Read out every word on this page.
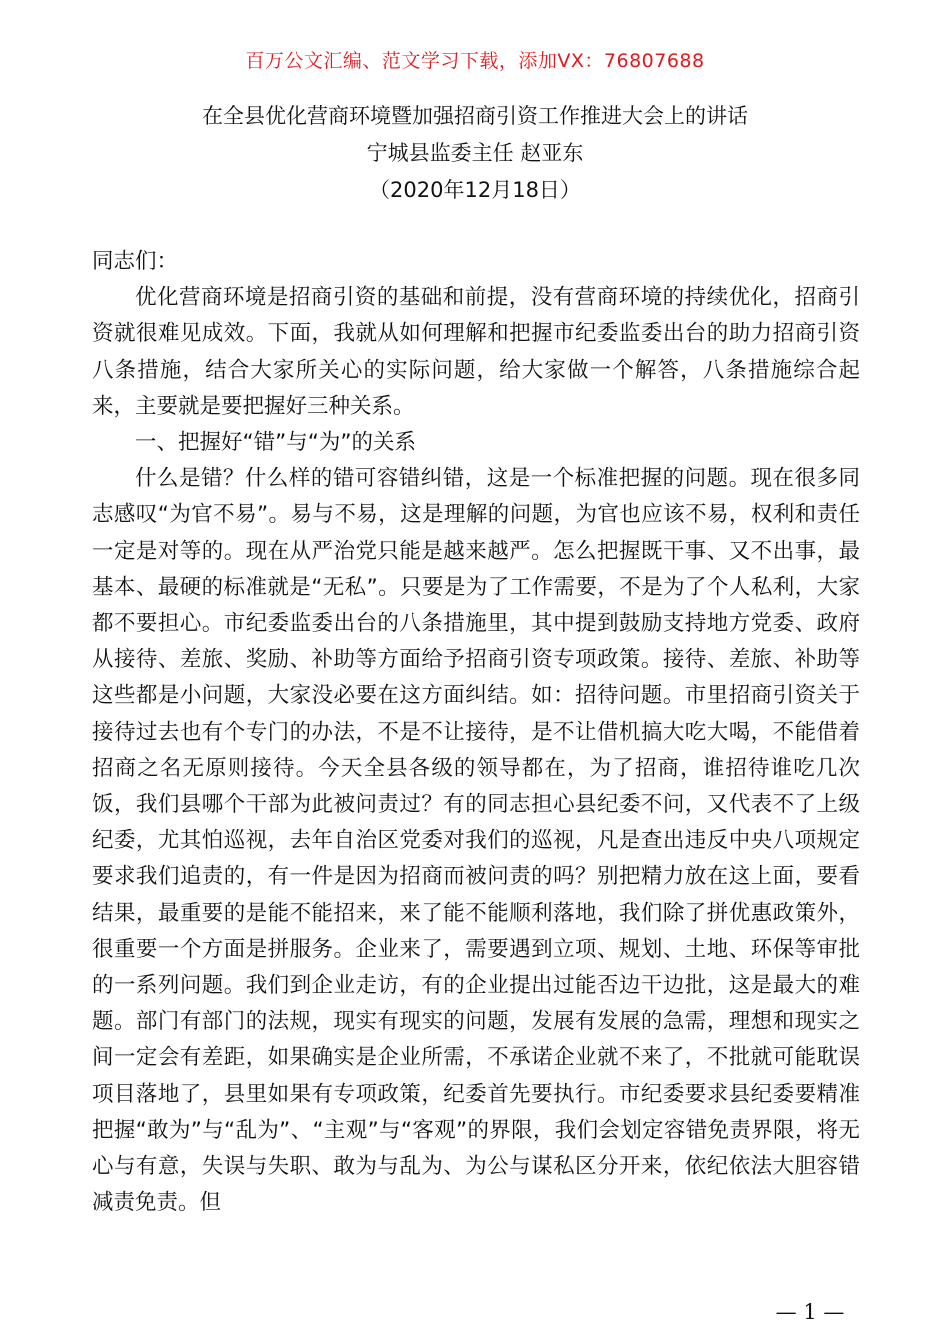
百万公文汇编、范文学习下载，添加VX：76807688
在全县优化营商环境暨加强招商引资工作推进大会上的讲话
宁城县监委主任 赵亚东
（2020年12月18日）

同志们：

优化营商环境是招商引资的基础和前提，没有营商环境的持续优化，招商引资就很难见成效。下面，我就从如何理解和把握市纪委监委出台的助力招商引资八条措施，结合大家所关心的实际问题，给大家做一个解答，八条措施综合起来，主要就是要把握好三种关系。

一、把握好“错”与“为”的关系

什么是错？什么样的错可容错纠错，这是一个标准把握的问题。现在很多同志感叹“为官不易”。易与不易，这是理解的问题，为官也应该不易，权利和责任一定是对等的。现在从严治党只能是越来越严。怎么把握既干事、又不出事，最基本、最硬的标准就是“无私”。只要是为了工作需要，不是为了个人私利，大家都不要担心。市纪委监委出台的八条措施里，其中提到鼓励支持地方党委、政府从接待、差旅、奖励、补助等方面给予招商引资专项政策。接待、差旅、补助等这些都是小问题，大家没必要在这方面纠结。如：招待问题。市里招商引资关于接待过去也有个专门的办法，不是不让接待，是不让借机搞大吃大喝，不能借着招商之名无原则接待。今天全县各级的领导都在，为了招商，谁招待谁吃几次饭，我们县哪个干部为此被问责过？有的同志担心县纪委不问，又代表不了上级纪委，尤其怕巡视，去年自治区党委对我们的巡视，凡是查出违反中央八项规定要求我们追责的，有一件是因为招商而被问责的吗？别把精力放在这上面，要看结果，最重要的是能不能招来，来了能不能顺利落地，我们除了拼优惠政策外，很重要一个方面是拼服务。企业来了，需要遇到立项、规划、土地、环保等审批的一系列问题。我们到企业走访，有的企业提出过能否边干边批，这是最大的难题。部门有部门的法规，现实有现实的问题，发展有发展的急需，理想和现实之间一定会有差距，如果确实是企业所需，不承诺企业就不来了，不批就可能耽误项目落地了，县里如果有专项政策，纪委首先要执行。市纪委要求县纪委要精准把握“敢为”与“乱为”、“主观”与“客观”的界限，我们会划定容错免责界限，将无心与有意，失误与失职、敢为与乱为、为公与谋私区分开来，依纪依法大胆容错减责免责。但

— 1 —
